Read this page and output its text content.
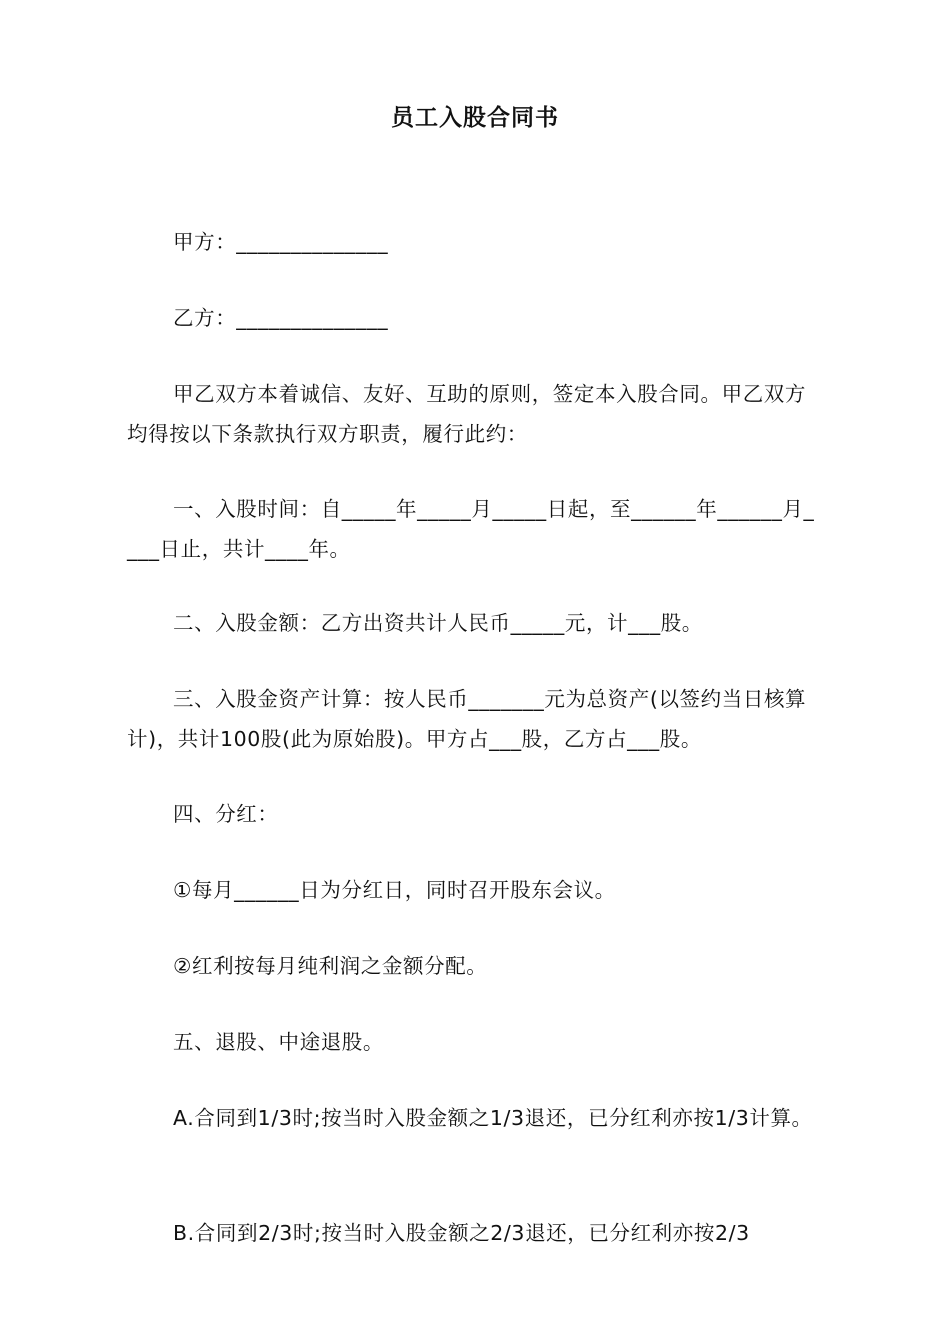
员工入股合同书

甲方：______________

乙方：______________

甲乙双方本着诚信、友好、互助的原则，签定本入股合同。甲乙双方均得按以下条款执行双方职责，履行此约：

一、入股时间：自_____年_____月_____日起，至______年______月____日止，共计____年。

二、入股金额：乙方出资共计人民币_____元，计___股。

三、入股金资产计算：按人民币_______元为总资产(以签约当日核算计)，共计100股(此为原始股)。甲方占___股，乙方占___股。

四、分红：

①每月______日为分红日，同时召开股东会议。

②红利按每月纯利润之金额分配。

五、退股、中途退股。

A.合同到1/3时;按当时入股金额之1/3退还，已分红利亦按1/3计算。

B.合同到2/3时;按当时入股金额之2/3退还，已分红利亦按2/3
